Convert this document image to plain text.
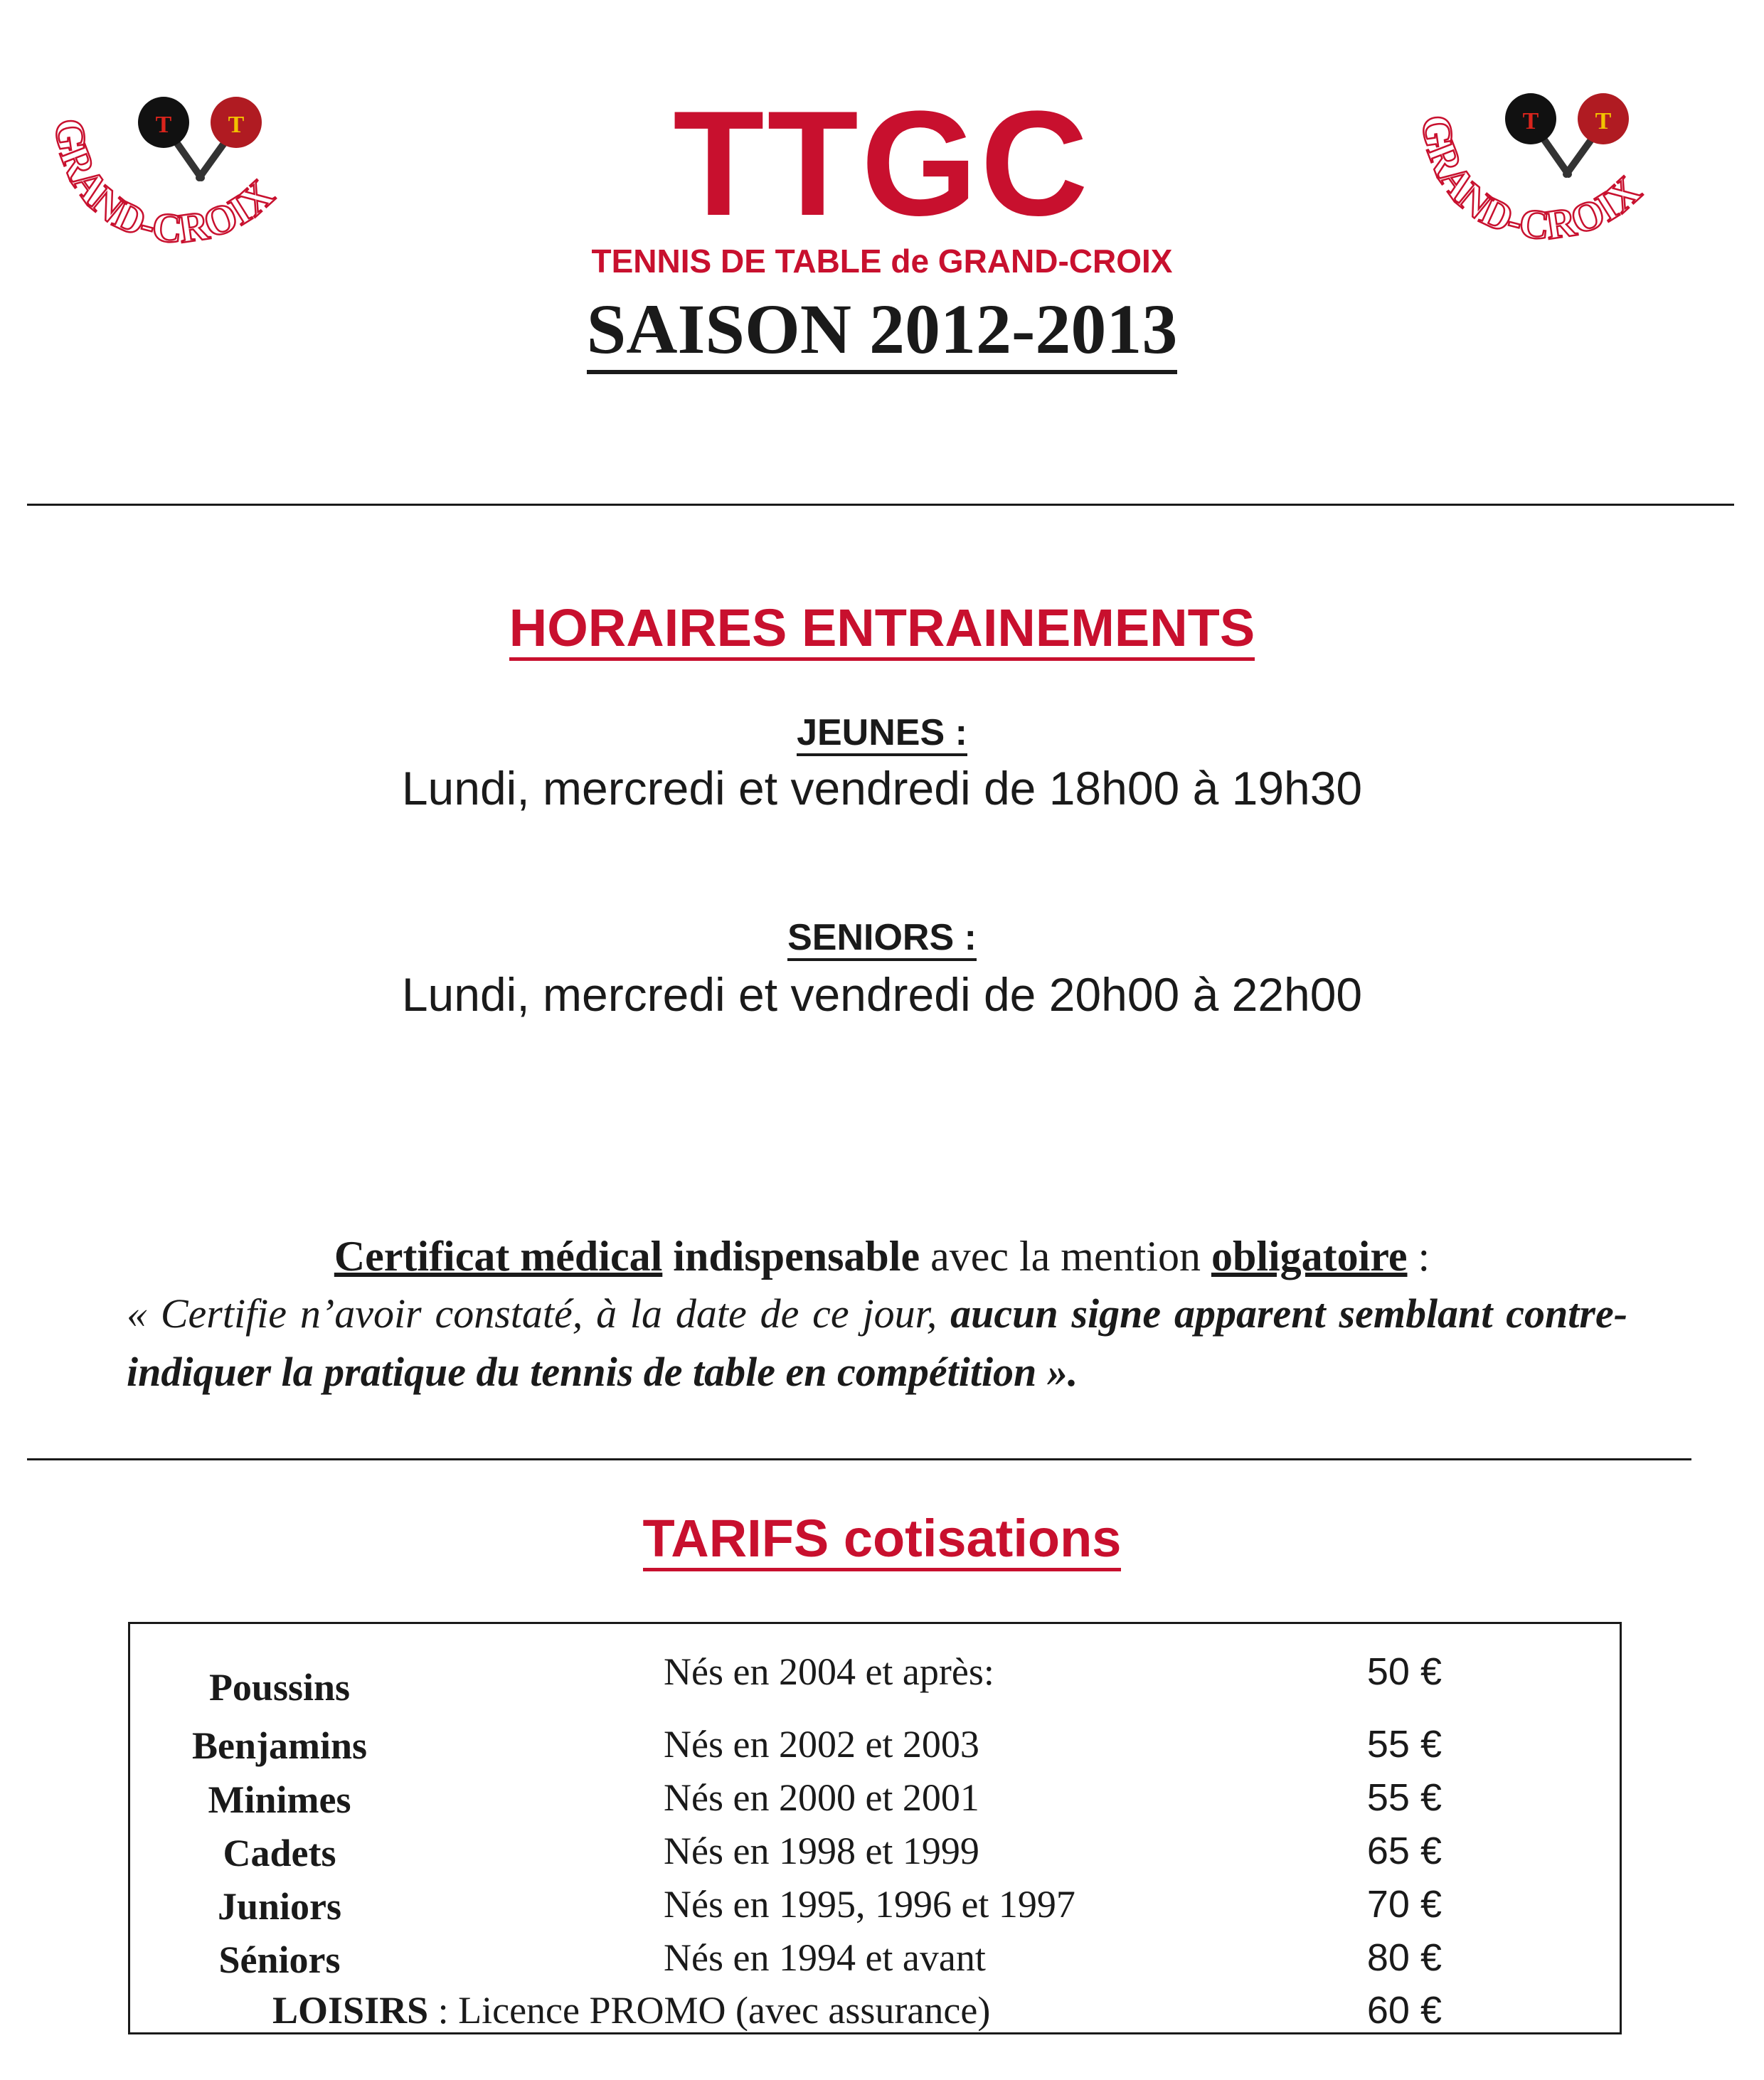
GRAND-CROIX
T T	GRAND-CROIX
T T
TTGC
TENNIS DE TABLE de GRAND-CROIX
SAISON 2012-2013
HORAIRES ENTRAINEMENTS
JEUNES :
Lundi, mercredi et vendredi de 18h00 à 19h30
SENIORS :
Lundi, mercredi et vendredi de 20h00 à 22h00
Certificat médical indispensable avec la mention obligatoire :
« Certifie n’avoir constaté, à la date de ce jour, aucun signe apparent semblant contre-indiquer la pratique du tennis de table en compétition ».
TARIFS cotisations
Poussins	Nés en 2004 et après:	50 €
Benjamins	Nés en 2002 et 2003	55 €
Minimes	Nés en 2000 et 2001	55 €
Cadets	Nés en 1998 et 1999	65 €
Juniors	Nés en 1995, 1996 et 1997	70 €
Séniors	Nés en 1994 et avant	80 €
LOISIRS : Licence PROMO (avec assurance)	60 €
